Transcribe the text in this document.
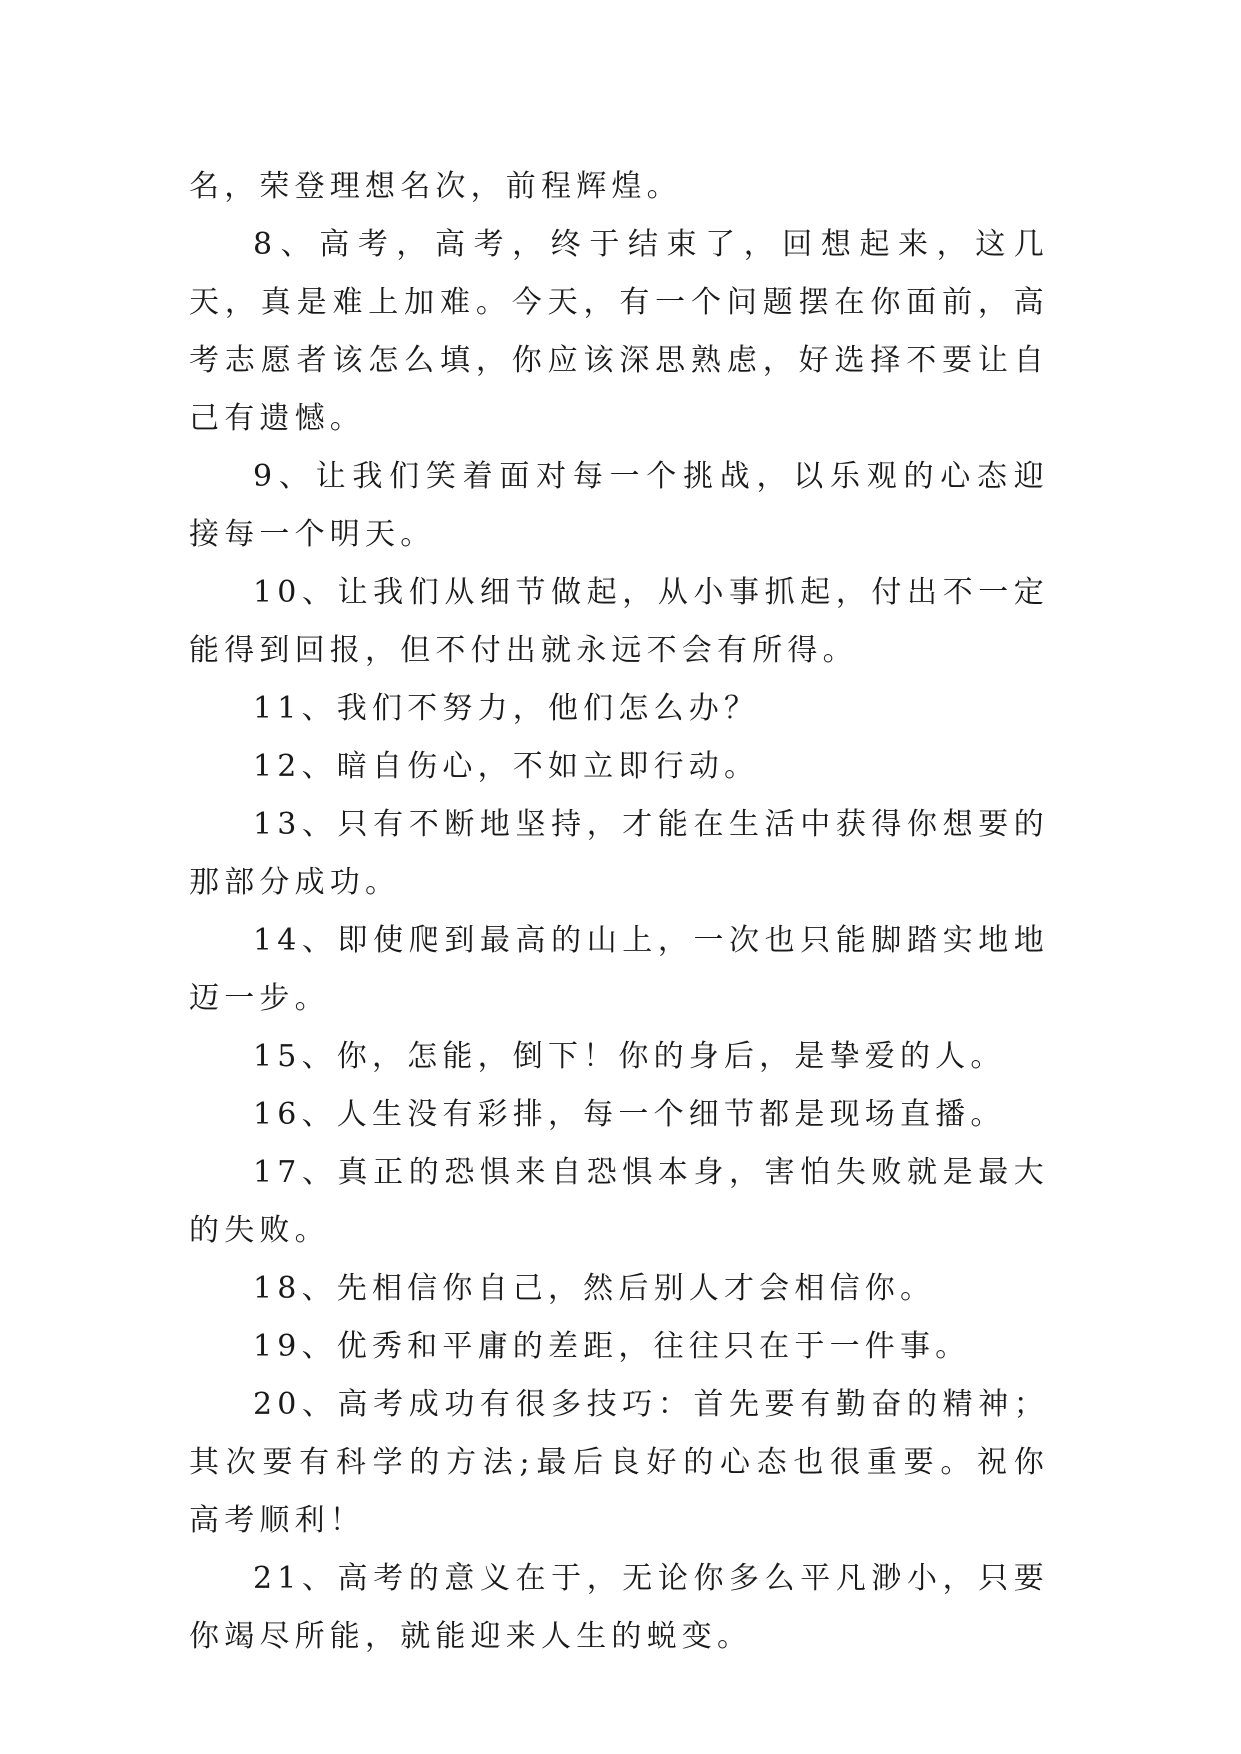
名，荣登理想名次，前程辉煌。

8、高考，高考，终于结束了，回想起来，这几天，真是难上加难。今天，有一个问题摆在你面前，高考志愿者该怎么填，你应该深思熟虑，好选择不要让自己有遗憾。

9、让我们笑着面对每一个挑战，以乐观的心态迎接每一个明天。

10、让我们从细节做起，从小事抓起，付出不一定能得到回报，但不付出就永远不会有所得。

11、我们不努力，他们怎么办？

12、暗自伤心，不如立即行动。

13、只有不断地坚持，才能在生活中获得你想要的那部分成功。

14、即使爬到最高的山上，一次也只能脚踏实地地迈一步。

15、你，怎能，倒下！你的身后，是挚爱的人。

16、人生没有彩排，每一个细节都是现场直播。

17、真正的恐惧来自恐惧本身，害怕失败就是最大的失败。

18、先相信你自己，然后别人才会相信你。

19、优秀和平庸的差距，往往只在于一件事。

20、高考成功有很多技巧：首先要有勤奋的精神；其次要有科学的方法;最后良好的心态也很重要。祝你高考顺利！

21、高考的意义在于，无论你多么平凡渺小，只要你竭尽所能，就能迎来人生的蜕变。
